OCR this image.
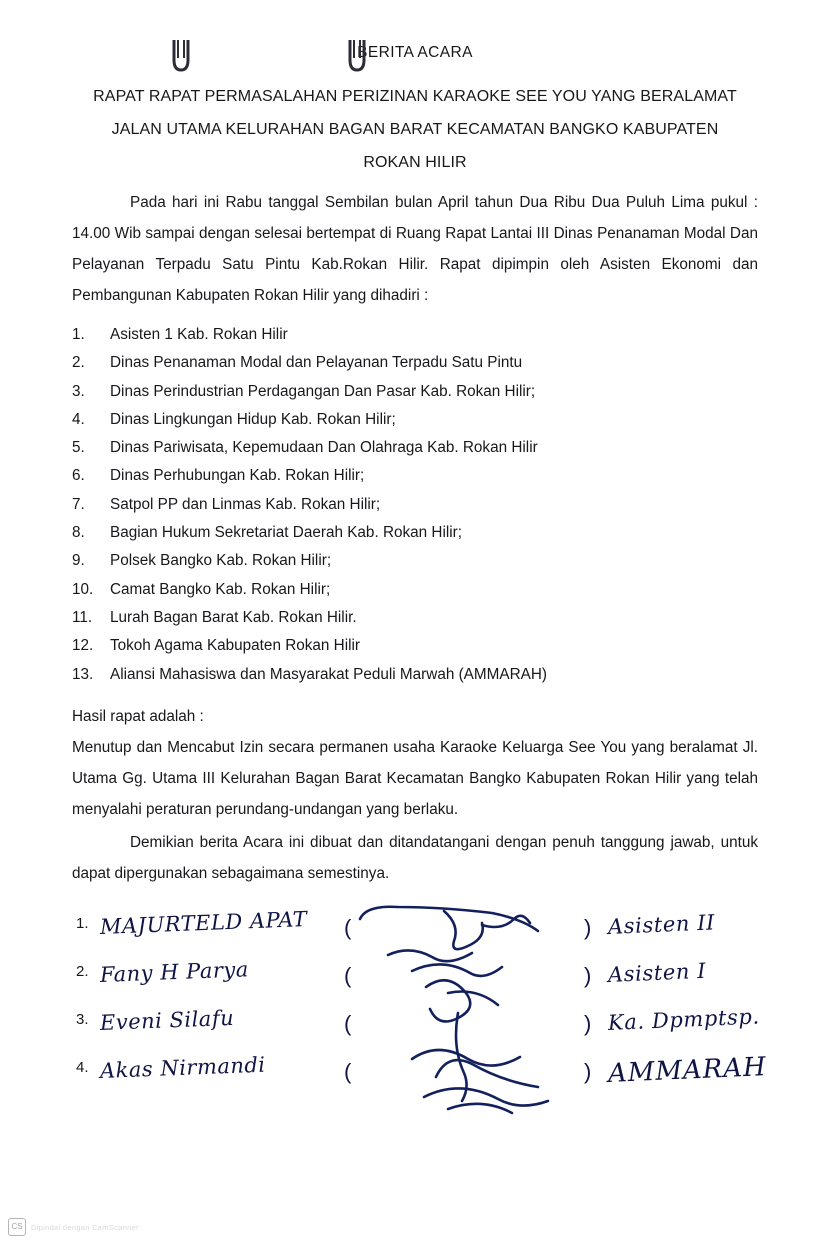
BERITA ACARA
RAPAT RAPAT PERMASALAHAN PERIZINAN KARAOKE SEE YOU YANG BERALAMAT
JALAN UTAMA KELURAHAN BAGAN BARAT KECAMATAN BANGKO KABUPATEN
ROKAN HILIR

Pada hari ini Rabu tanggal Sembilan bulan April tahun Dua Ribu Dua Puluh Lima pukul : 14.00 Wib sampai dengan selesai bertempat di Ruang Rapat Lantai III Dinas Penanaman Modal Dan Pelayanan Terpadu Satu Pintu Kab.Rokan Hilir. Rapat dipimpin oleh Asisten Ekonomi dan Pembangunan Kabupaten Rokan Hilir yang dihadiri :

1.	Asisten 1 Kab. Rokan Hilir
2.	Dinas Penanaman Modal dan Pelayanan Terpadu Satu Pintu
3.	Dinas Perindustrian Perdagangan Dan Pasar Kab. Rokan Hilir;
4.	Dinas Lingkungan Hidup Kab. Rokan Hilir;
5.	Dinas Pariwisata, Kepemudaan Dan Olahraga Kab. Rokan Hilir
6.	Dinas Perhubungan Kab. Rokan Hilir;
7.	Satpol PP dan Linmas Kab. Rokan Hilir;
8.	Bagian Hukum Sekretariat Daerah Kab. Rokan Hilir;
9.	Polsek Bangko Kab. Rokan Hilir;
10.	Camat Bangko Kab. Rokan Hilir;
11.	Lurah Bagan Barat Kab. Rokan Hilir.
12.	Tokoh Agama Kabupaten Rokan Hilir
13.	Aliansi Mahasiswa dan Masyarakat Peduli Marwah (AMMARAH)
Hasil rapat adalah :

Menutup dan Mencabut Izin secara permanen usaha Karaoke Keluarga See You yang beralamat Jl. Utama Gg. Utama III Kelurahan Bagan Barat Kecamatan Bangko Kabupaten Rokan Hilir yang telah menyalahi peraturan perundang-undangan yang berlaku.

Demikian berita Acara ini dibuat dan ditandatangani dengan penuh tanggung jawab, untuk dapat dipergunakan sebagaimana semestinya.

1. MAJURTELD APAT (	) Asisten II
2. Fany H Parya	(	) Asisten I
3. Eveni Silafu	(	) Ka. Dpmptsp.
4. Akas Nirmandi	(	) AMMARAH
CS	Dipindai dengan CamScanner
